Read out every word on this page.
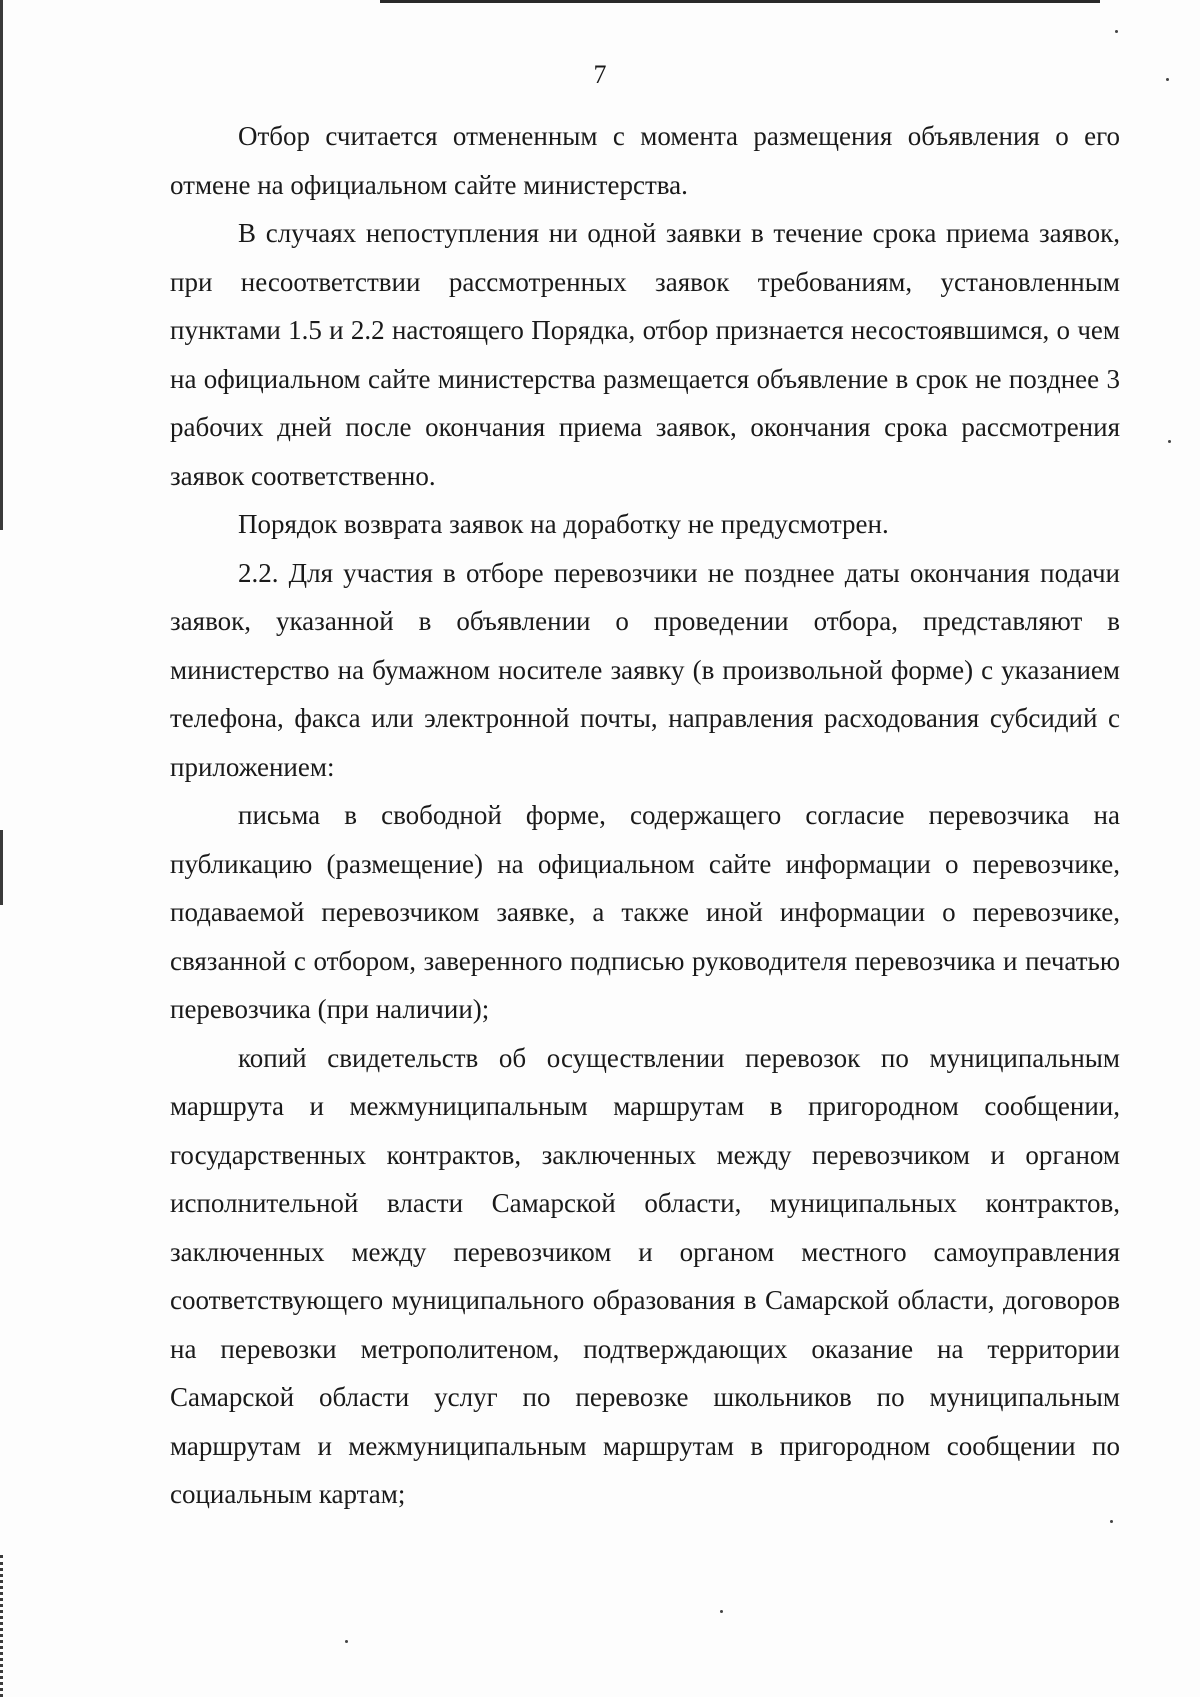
7

Отбор считается отмененным с момента размещения объявления о его отмене на официальном сайте министерства.

В случаях непоступления ни одной заявки в течение срока приема заявок, при несоответствии рассмотренных заявок требованиям, установленным пунктами 1.5 и 2.2 настоящего Порядка, отбор признается несостоявшимся, о чем на официальном сайте министерства размещается объявление в срок не позднее 3 рабочих дней после окончания приема заявок, окончания срока рассмотрения заявок соответственно.

Порядок возврата заявок на доработку не предусмотрен.

2.2. Для участия в отборе перевозчики не позднее даты окончания подачи заявок, указанной в объявлении о проведении отбора, представляют в министерство на бумажном носителе заявку (в произвольной форме) с указанием телефона, факса или электронной почты, направления расходования субсидий с приложением:

письма в свободной форме, содержащего согласие перевозчика на публикацию (размещение) на официальном сайте информации о перевозчике, подаваемой перевозчиком заявке, а также иной информации о перевозчике, связанной с отбором, заверенного подписью руководителя перевозчика и печатью перевозчика (при наличии);

копий свидетельств об осуществлении перевозок по муниципальным маршрута и межмуниципальным маршрутам в пригородном сообщении, государственных контрактов, заключенных между перевозчиком и органом исполнительной власти Самарской области, муниципальных контрактов, заключенных между перевозчиком и органом местного самоуправления соответствующего муниципального образования в Самарской области, договоров на перевозки метрополитеном, подтверждающих оказание на территории Самарской области услуг по перевозке школьников по муниципальным маршрутам и межмуниципальным маршрутам в пригородном сообщении по социальным картам;
